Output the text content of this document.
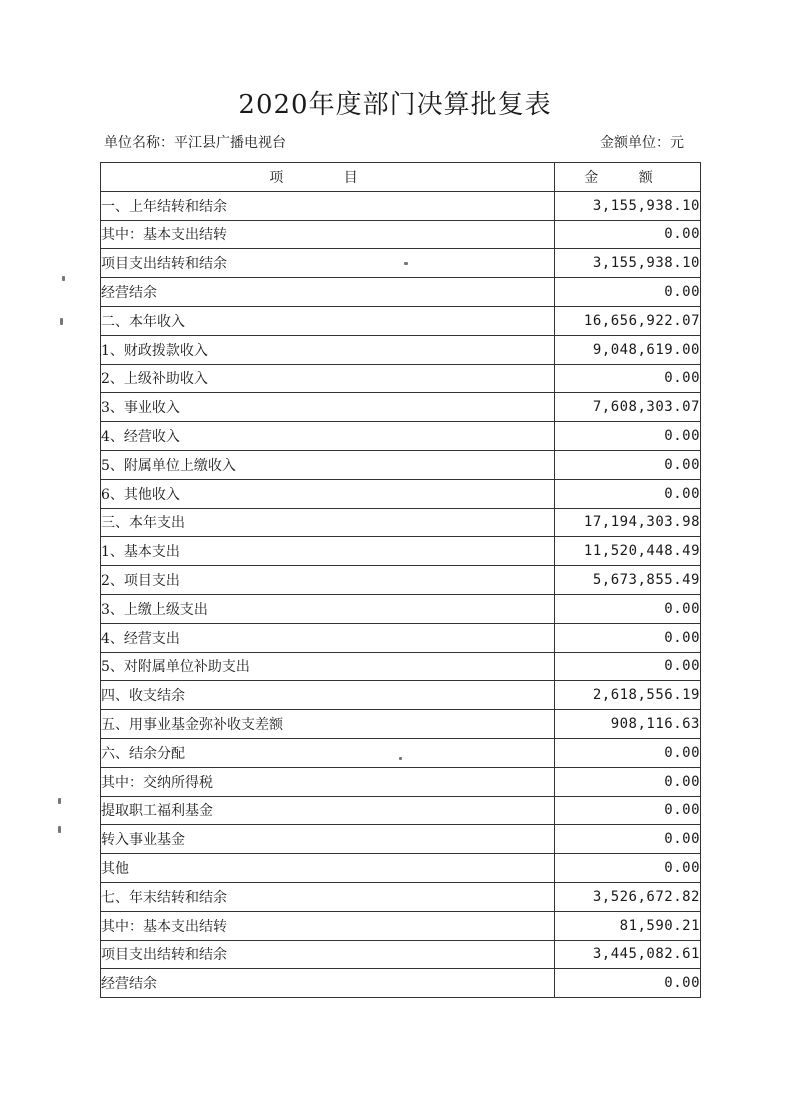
2020年度部门决算批复表
单位名称：平江县广播电视台	金额单位：元
项 目	金 额
一、上年结转和结余	3,155,938.10
其中：基本支出结转	0.00
项目支出结转和结余	3,155,938.10
经营结余	0.00
二、本年收入	16,656,922.07
1、财政拨款收入	9,048,619.00
2、上级补助收入	0.00
3、事业收入	7,608,303.07
4、经营收入	0.00
5、附属单位上缴收入	0.00
6、其他收入	0.00
三、本年支出	17,194,303.98
1、基本支出	11,520,448.49
2、项目支出	5,673,855.49
3、上缴上级支出	0.00
4、经营支出	0.00
5、对附属单位补助支出	0.00
四、收支结余	2,618,556.19
五、用事业基金弥补收支差额	908,116.63
六、结余分配	0.00
其中：交纳所得税	0.00
提取职工福利基金	0.00
转入事业基金	0.00
其他	0.00
七、年末结转和结余	3,526,672.82
其中：基本支出结转	81,590.21
项目支出结转和结余	3,445,082.61
经营结余	0.00
